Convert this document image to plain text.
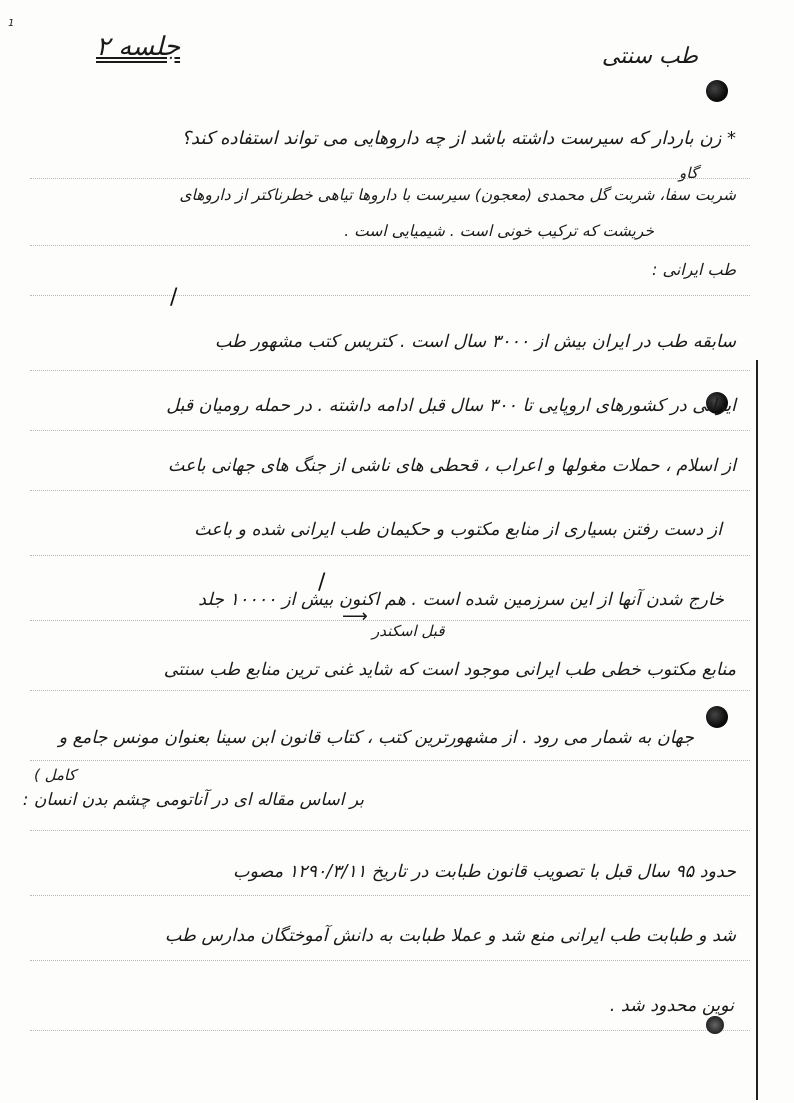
1
جلسه ۲	طب سنتی
* زن باردار که سیرست داشته باشد از چه داروهایی می تواند استفاده کند؟
گاو
شربت سفا، شربت گل محمدی (معجون) سیرست با داروها تیاهی خطرناکتر از داروهای
خریشت که ترکیب خونی است . شیمیایی است .
طب ایرانی :
/
سابقه طب در ایران بیش از ۳۰۰۰ سال است . کتریس کتب مشهور طب
ایرانی در کشورهای اروپایی تا ۳۰۰ سال قبل ادامه داشته . در حمله رومیان قبل
از اسلام ، حملات مغولها و اعراب ، قحطی های ناشی از جنگ های جهانی باعث
از دست رفتن بسیاری از منابع مکتوب و حکیمان طب ایرانی شده و باعث
/
خارج شدن آنها از این سرزمین شده است . هم اکنون بیش از ۱۰۰۰۰ جلد
قبل اسکندر
⟶
منابع مکتوب خطی طب ایرانی موجود است که شاید غنی ترین منابع طب سنتی
جهان به شمار می رود . از مشهورترین کتب ، کتاب قانون ابن سینا بعنوان مونس جامع و
کامل )
بر اساس مقاله ای در آناتومی چشم بدن انسان :
حدود ۹۵ سال قبل با تصویب قانون طبابت در تاریخ ۱۲۹۰/۳/۱۱ مصوب
شد و طبابت طب ایرانی منع شد و عملا طبابت به دانش آموختگان مدارس طب
نوین محدود شد .
